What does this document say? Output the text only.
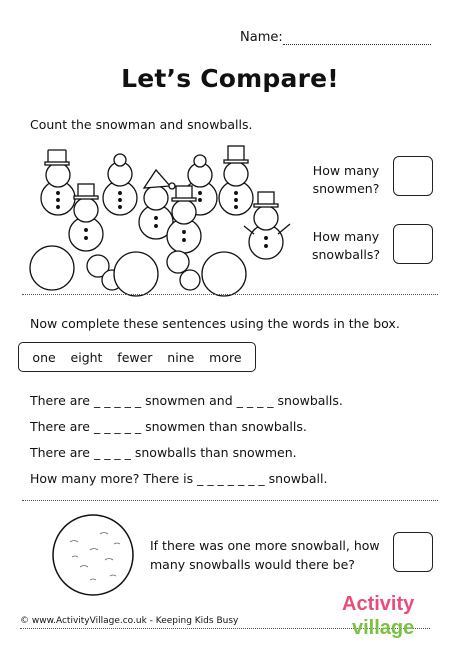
Name:
Let’s Compare!
Count the snowman and snowballs.
How many
snowmen?
How many
snowballs?
Now complete these sentences using the words in the box.
one eight fewer nine more
There are _ _ _ _ _ snowmen and _ _ _ _ snowballs.
There are _ _ _ _ _ snowmen than snowballs.
There are _ _ _ _ snowballs than snowmen.
How many more? There is _ _ _ _ _ _ _ snowball.
If there was one more snowball, how
many snowballs would there be?
© www.ActivityVillage.co.uk - Keeping Kids Busy
Activity
village
